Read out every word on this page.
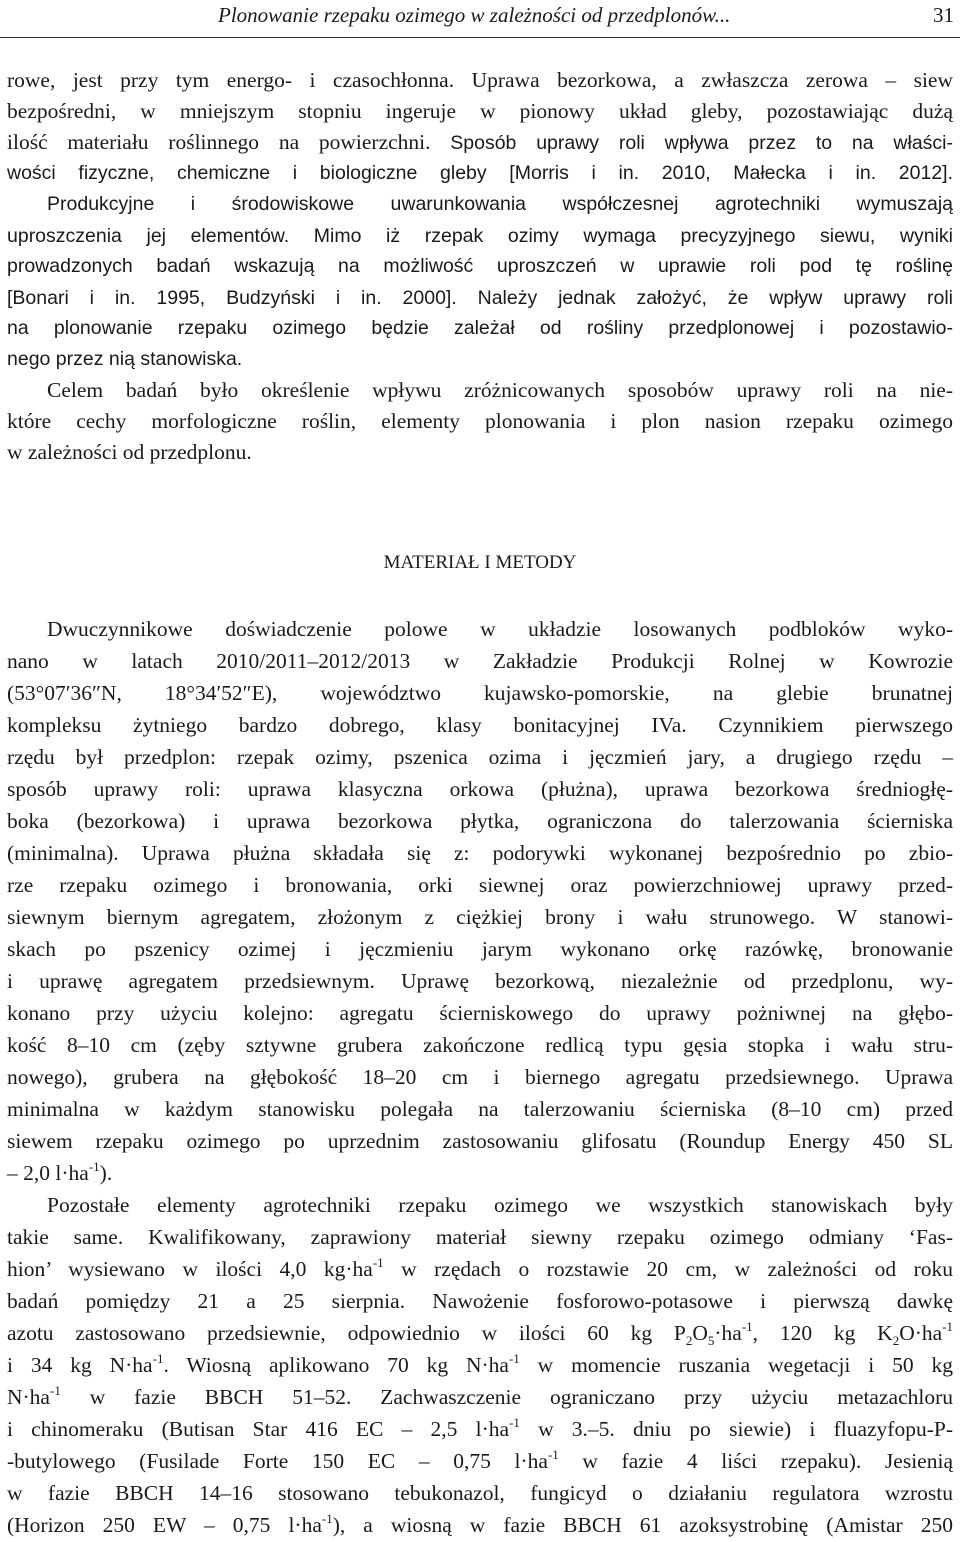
Plonowanie rzepaku ozimego w zależności od przedplonów...	31
rowe, jest przy tym energo- i czasochłonna. Uprawa bezorkowa, a zwłaszcza zerowa – siew
bezpośredni, w mniejszym stopniu ingeruje w pionowy układ gleby, pozostawiając dużą
ilość materiału roślinnego na powierzchni. Sposób uprawy roli wpływa przez to na właści-
wości fizyczne, chemiczne i biologiczne gleby [Morris i in. 2010, Małecka i in. 2012].
Produkcyjne i środowiskowe uwarunkowania współczesnej agrotechniki wymuszają
uproszczenia jej elementów. Mimo iż rzepak ozimy wymaga precyzyjnego siewu, wyniki
prowadzonych badań wskazują na możliwość uproszczeń w uprawie roli pod tę roślinę
[Bonari i in. 1995, Budzyński i in. 2000]. Należy jednak założyć, że wpływ uprawy roli
na plonowanie rzepaku ozimego będzie zależał od rośliny przedplonowej i pozostawio-
nego przez nią stanowiska.
Celem badań było określenie wpływu zróżnicowanych sposobów uprawy roli na nie-
które cechy morfologiczne roślin, elementy plonowania i plon nasion rzepaku ozimego
w zależności od przedplonu.
MATERIAŁ I METODY
Dwuczynnikowe doświadczenie polowe w układzie losowanych podbloków wyko-
nano w latach 2010/2011–2012/2013 w Zakładzie Produkcji Rolnej w Kowrozie
(53°07′36″N, 18°34′52″E), województwo kujawsko-pomorskie, na glebie brunatnej
kompleksu żytniego bardzo dobrego, klasy bonitacyjnej IVa. Czynnikiem pierwszego
rzędu był przedplon: rzepak ozimy, pszenica ozima i jęczmień jary, a drugiego rzędu –
sposób uprawy roli: uprawa klasyczna orkowa (płużna), uprawa bezorkowa średniogłę-
boka (bezorkowa) i uprawa bezorkowa płytka, ograniczona do talerzowania ścierniska
(minimalna). Uprawa płużna składała się z: podorywki wykonanej bezpośrednio po zbio-
rze rzepaku ozimego i bronowania, orki siewnej oraz powierzchniowej uprawy przed-
siewnym biernym agregatem, złożonym z ciężkiej brony i wału strunowego. W stanowi-
skach po pszenicy ozimej i jęczmieniu jarym wykonano orkę razówkę, bronowanie
i uprawę agregatem przedsiewnym. Uprawę bezorkową, niezależnie od przedplonu, wy-
konano przy użyciu kolejno: agregatu ścierniskowego do uprawy pożniwnej na głębo-
kość 8–10 cm (zęby sztywne grubera zakończone redlicą typu gęsia stopka i wału stru-
nowego), grubera na głębokość 18–20 cm i biernego agregatu przedsiewnego. Uprawa
minimalna w każdym stanowisku polegała na talerzowaniu ścierniska (8–10 cm) przed
siewem rzepaku ozimego po uprzednim zastosowaniu glifosatu (Roundup Energy 450 SL
– 2,0 $l\cdot ha^{-1}$).
Pozostałe elementy agrotechniki rzepaku ozimego we wszystkich stanowiskach były
takie same. Kwalifikowany, zaprawiony materiał siewny rzepaku ozimego odmiany ‘Fas-
hion’ wysiewano w ilości 4,0 $kg\cdot ha^{-1}$ w rzędach o rozstawie 20 cm, w zależności od roku
badań pomiędzy 21 a 25 sierpnia. Nawożenie fosforowo-potasowe i pierwszą dawkę
azotu zastosowano przedsiewnie, odpowiednio w ilości 60 kg $P_2O_5\cdot ha^{-1}$, 120 kg $K_2O\cdot ha^{-1}$
i 34 kg $N\cdot ha^{-1}$. Wiosną aplikowano 70 kg $N\cdot ha^{-1}$ w momencie ruszania wegetacji i 50 kg
$N\cdot ha^{-1}$ w fazie BBCH 51–52. Zachwaszczenie ograniczano przy użyciu metazachloru
i chinomeraku (Butisan Star 416 EC – 2,5 $l\cdot ha^{-1}$ w 3.–5. dniu po siewie) i fluazyfopu-P-
-butylowego (Fusilade Forte 150 EC – 0,75 $l\cdot ha^{-1}$ w fazie 4 liści rzepaku). Jesienią
w fazie BBCH 14–16 stosowano tebukonazol, fungicyd o działaniu regulatora wzrostu
(Horizon 250 EW – 0,75 $l\cdot ha^{-1}$), a wiosną w fazie BBCH 61 azoksystrobinę (Amistar 250
